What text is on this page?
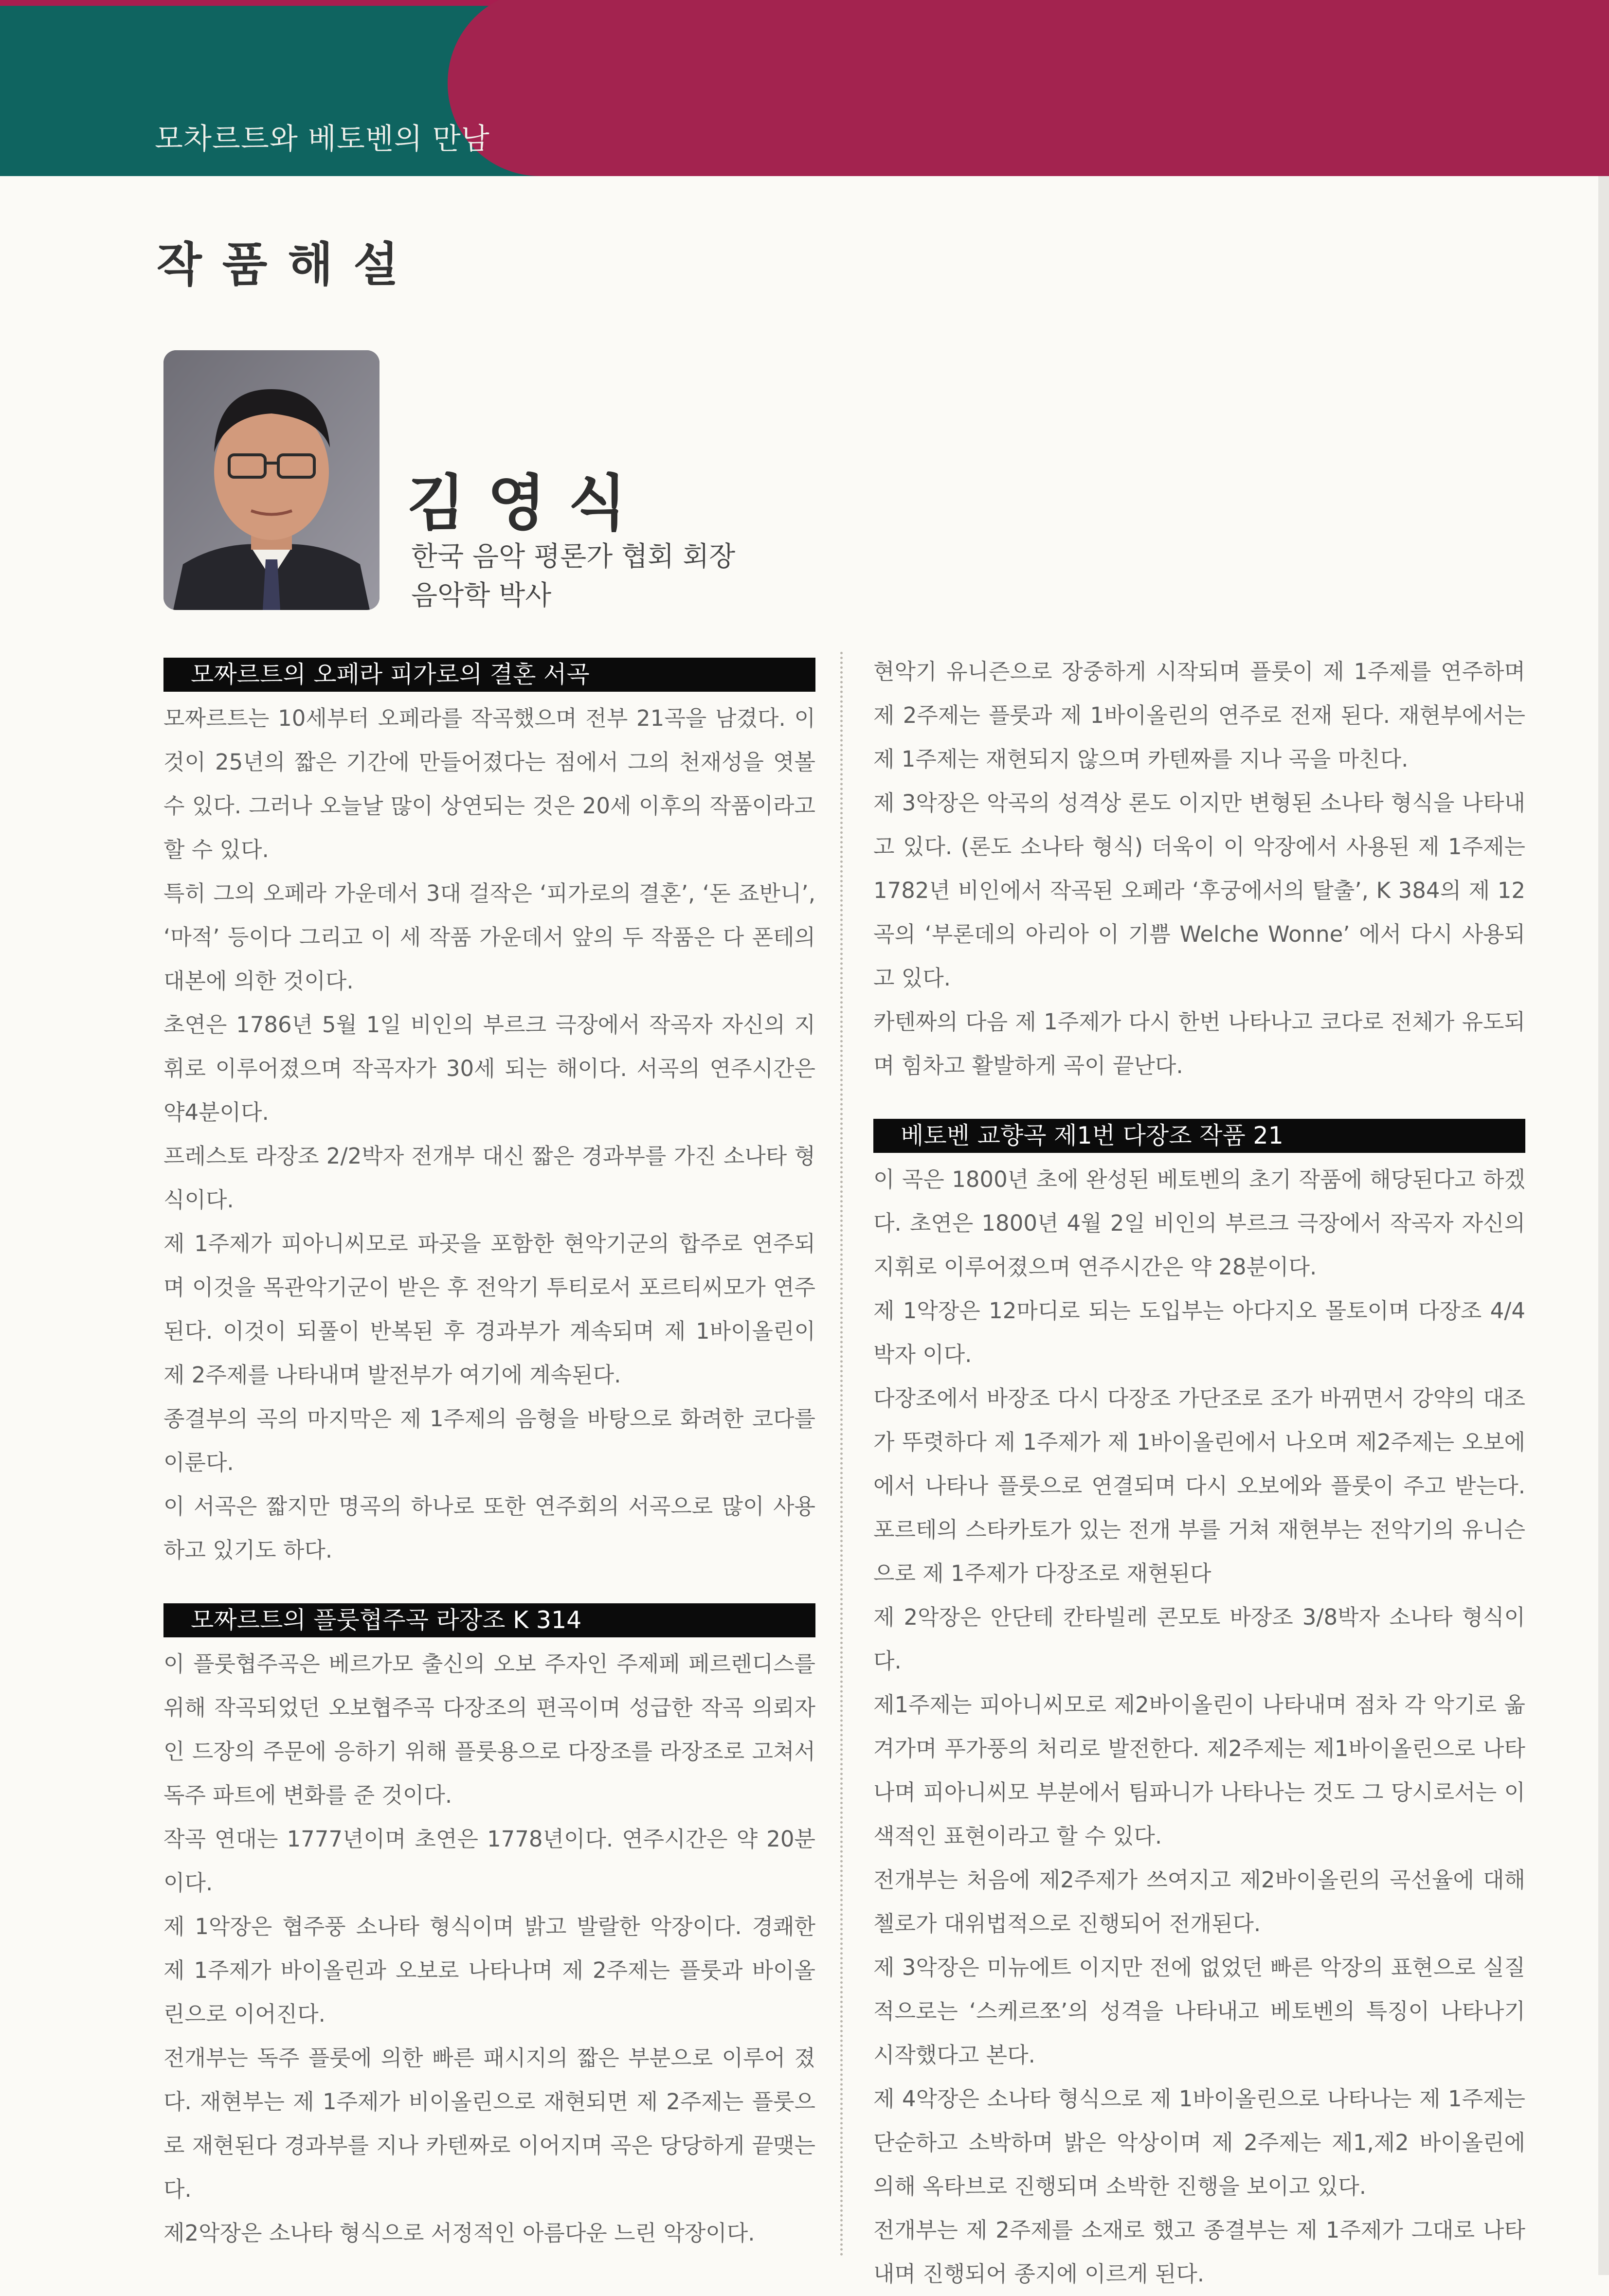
모차르트와 베토벤의 만남
작품해설
김영식
한국 음악 평론가 협회 회장
음악학 박사
모짜르트의 오페라 피가로의 결혼 서곡

모짜르트는 10세부터 오페라를 작곡했으며 전부 21곡을 남겼다. 이것이 25년의 짧은 기간에 만들어졌다는 점에서 그의 천재성을 엿볼 수 있다. 그러나 오늘날 많이 상연되는 것은 20세 이후의 작품이라고 할 수 있다.

특히 그의 오페라 가운데서 3대 걸작은 ‘피가로의 결혼’, ‘돈 죠반니’, ‘마적’ 등이다 그리고 이 세 작품 가운데서 앞의 두 작품은 다 폰테의 대본에 의한 것이다.

초연은 1786년 5월 1일 비인의 부르크 극장에서 작곡자 자신의 지휘로 이루어졌으며 작곡자가 30세 되는 해이다. 서곡의 연주시간은 약4분이다.

프레스토 라장조 2/2박자 전개부 대신 짧은 경과부를 가진 소나타 형식이다.

제 1주제가 피아니씨모로 파곳을 포함한 현악기군의 합주로 연주되며 이것을 목관악기군이 받은 후 전악기 투티로서 포르티씨모가 연주된다. 이것이 되풀이 반복된 후 경과부가 계속되며 제 1바이올린이 제 2주제를 나타내며 발전부가 여기에 계속된다.

종결부의 곡의 마지막은 제 1주제의 음형을 바탕으로 화려한 코다를 이룬다.

이 서곡은 짧지만 명곡의 하나로 또한 연주회의 서곡으로 많이 사용하고 있기도 하다.

모짜르트의 플룻협주곡 라장조 K 314

이 플룻협주곡은 베르가모 출신의 오보 주자인 주제페 페르렌디스를 위해 작곡되었던 오보협주곡 다장조의 편곡이며 성급한 작곡 의뢰자인 드장의 주문에 응하기 위해 플룻용으로 다장조를 라장조로 고쳐서 독주 파트에 변화를 준 것이다.

작곡 연대는 1777년이며 초연은 1778년이다. 연주시간은 약 20분이다.

제 1악장은 협주풍 소나타 형식이며 밝고 발랄한 악장이다. 경쾌한 제 1주제가 바이올린과 오보로 나타나며 제 2주제는 플룻과 바이올린으로 이어진다.

전개부는 독주 플룻에 의한 빠른 패시지의 짧은 부분으로 이루어 졌다. 재현부는 제 1주제가 비이올린으로 재현되면 제 2주제는 플룻으로 재현된다 경과부를 지나 카텐짜로 이어지며 곡은 당당하게 끝맺는다.

제2악장은 소나타 형식으로 서정적인 아름다운 느린 악장이다.

현악기 유니즌으로 장중하게 시작되며 플룻이 제 1주제를 연주하며 제 2주제는 플룻과 제 1바이올린의 연주로 전재 된다. 재현부에서는 제 1주제는 재현되지 않으며 카텐짜를 지나 곡을 마친다.

제 3악장은 악곡의 성격상 론도 이지만 변형된 소나타 형식을 나타내고 있다. (론도 소나타 형식) 더욱이 이 악장에서 사용된 제 1주제는 1782년 비인에서 작곡된 오페라 ‘후궁에서의 탈출’, K 384의 제 12곡의 ‘부론데의 아리아 이 기쁨 Welche Wonne’ 에서 다시 사용되고 있다.

카텐짜의 다음 제 1주제가 다시 한번 나타나고 코다로 전체가 유도되며 힘차고 활발하게 곡이 끝난다.

베토벤 교향곡 제1번 다장조 작품 21

이 곡은 1800년 초에 완성된 베토벤의 초기 작품에 해당된다고 하겠다. 초연은 1800년 4월 2일 비인의 부르크 극장에서 작곡자 자신의 지휘로 이루어졌으며 연주시간은 약 28분이다.

제 1악장은 12마디로 되는 도입부는 아다지오 몰토이며 다장조 4/4박자 이다.

다장조에서 바장조 다시 다장조 가단조로 조가 바뀌면서 강약의 대조가 뚜렷하다 제 1주제가 제 1바이올린에서 나오며 제2주제는 오보에에서 나타나 플룻으로 연결되며 다시 오보에와 플룻이 주고 받는다. 포르테의 스타카토가 있는 전개 부를 거쳐 재현부는 전악기의 유니슨으로 제 1주제가 다장조로 재현된다

제 2악장은 안단테 칸타빌레 콘모토 바장조 3/8박자 소나타 형식이다.

제1주제는 피아니씨모로 제2바이올린이 나타내며 점차 각 악기로 옮겨가며 푸가풍의 처리로 발전한다. 제2주제는 제1바이올린으로 나타나며 피아니씨모 부분에서 팀파니가 나타나는 것도 그 당시로서는 이색적인 표현이라고 할 수 있다.

전개부는 처음에 제2주제가 쓰여지고 제2바이올린의 곡선율에 대해 첼로가 대위법적으로 진행되어 전개된다.

제 3악장은 미뉴에트 이지만 전에 없었던 빠른 악장의 표현으로 실질적으로는 ‘스케르쪼’의 성격을 나타내고 베토벤의 특징이 나타나기 시작했다고 본다.

제 4악장은 소나타 형식으로 제 1바이올린으로 나타나는 제 1주제는 단순하고 소박하며 밝은 악상이며 제 2주제는 제1,제2 바이올린에 의해 옥타브로 진행되며 소박한 진행을 보이고 있다.

전개부는 제 2주제를 소재로 했고 종결부는 제 1주제가 그대로 나타내며 진행되어 종지에 이르게 된다.
